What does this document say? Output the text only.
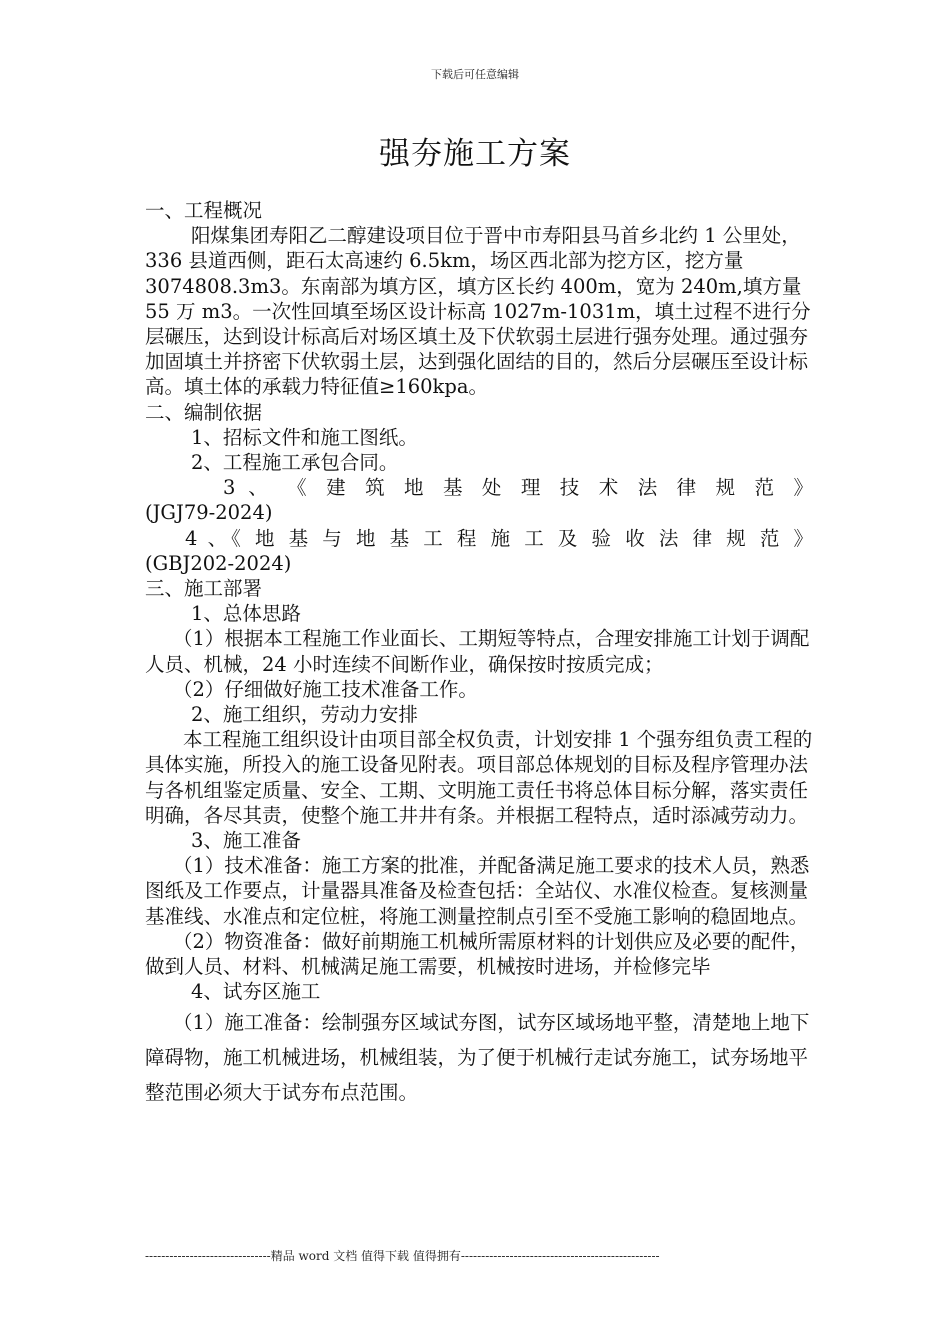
下载后可任意编辑
强夯施工方案

一、工程概况

阳煤集团寿阳乙二醇建设项目位于晋中市寿阳县马首乡北约 1 公里处，336 县道西侧，距石太高速约 6.5km，场区西北部为挖方区，挖方量 3074808.3m3。东南部为填方区，填方区长约 400m，宽为 240m,填方量 55 万 m3。一次性回填至场区设计标高 1027m-1031m，填土过程不进行分层碾压，达到设计标高后对场区填土及下伏软弱土层进行强夯处理。通过强夯加固填土并挤密下伏软弱土层，达到强化固结的目的，然后分层碾压至设计标高。填土体的承载力特征值≥160kpa。

二、编制依据

1、招标文件和施工图纸。

2、工程施工承包合同。

3 、 《 建 筑 地 基 处 理 技 术 法 律 规 范 》

(JGJ79-2024)

4 、《 地 基 与 地 基 工 程 施 工 及 验 收 法 律 规 范 》

(GBJ202-2024)

三、施工部署

1、总体思路

（1）根据本工程施工作业面长、工期短等特点，合理安排施工计划于调配人员、机械，24 小时连续不间断作业，确保按时按质完成；

（2）仔细做好施工技术准备工作。

2、施工组织，劳动力安排

本工程施工组织设计由项目部全权负责，计划安排 1 个强夯组负责工程的具体实施，所投入的施工设备见附表。项目部总体规划的目标及程序管理办法与各机组鉴定质量、安全、工期、文明施工责任书将总体目标分解，落实责任明确，各尽其责，使整个施工井井有条。并根据工程特点，适时添减劳动力。

3、施工准备

（1）技术准备：施工方案的批准，并配备满足施工要求的技术人员，熟悉图纸及工作要点，计量器具准备及检查包括：全站仪、水准仪检查。复核测量基准线、水准点和定位桩，将施工测量控制点引至不受施工影响的稳固地点。

（2）物资准备：做好前期施工机械所需原材料的计划供应及必要的配件，做到人员、材料、机械满足施工需要，机械按时进场，并检修完毕

4、试夯区施工

（1）施工准备：绘制强夯区域试夯图，试夯区域场地平整，清楚地上地下障碍物，施工机械进场，机械组装，为了便于机械行走试夯施工，试夯场地平整范围必须大于试夯布点范围。

-------------------------------精品 word 文档 值得下载 值得拥有-------------------------------------------------
